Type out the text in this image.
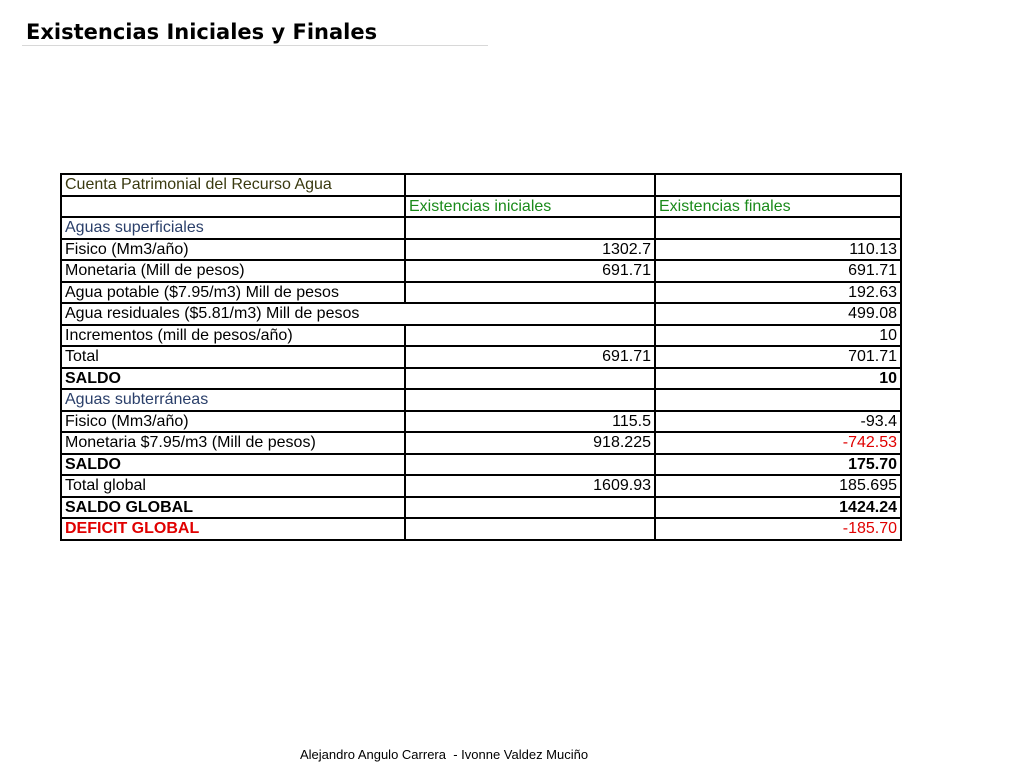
Existencias Iniciales y Finales
Cuenta Patrimonial del Recurso Agua		
	Existencias iniciales	Existencias finales
Aguas superficiales		
Fisico (Mm3/año)	1302.7	110.13
Monetaria (Mill de pesos)	691.71	691.71
Agua potable ($7.95/m3) Mill de pesos		192.63
Agua residuales ($5.81/m3) Mill de pesos		499.08
Incrementos (mill de pesos/año)		10
Total	691.71	701.71
SALDO		10
Aguas subterráneas		
Fisico (Mm3/año)	115.5	-93.4
Monetaria $7.95/m3 (Mill de pesos)	918.225	-742.53
SALDO		175.70
Total global	1609.93	185.695
SALDO GLOBAL		1424.24
DEFICIT GLOBAL		-185.70
Alejandro Angulo Carrera  - Ivonne Valdez Muciño
